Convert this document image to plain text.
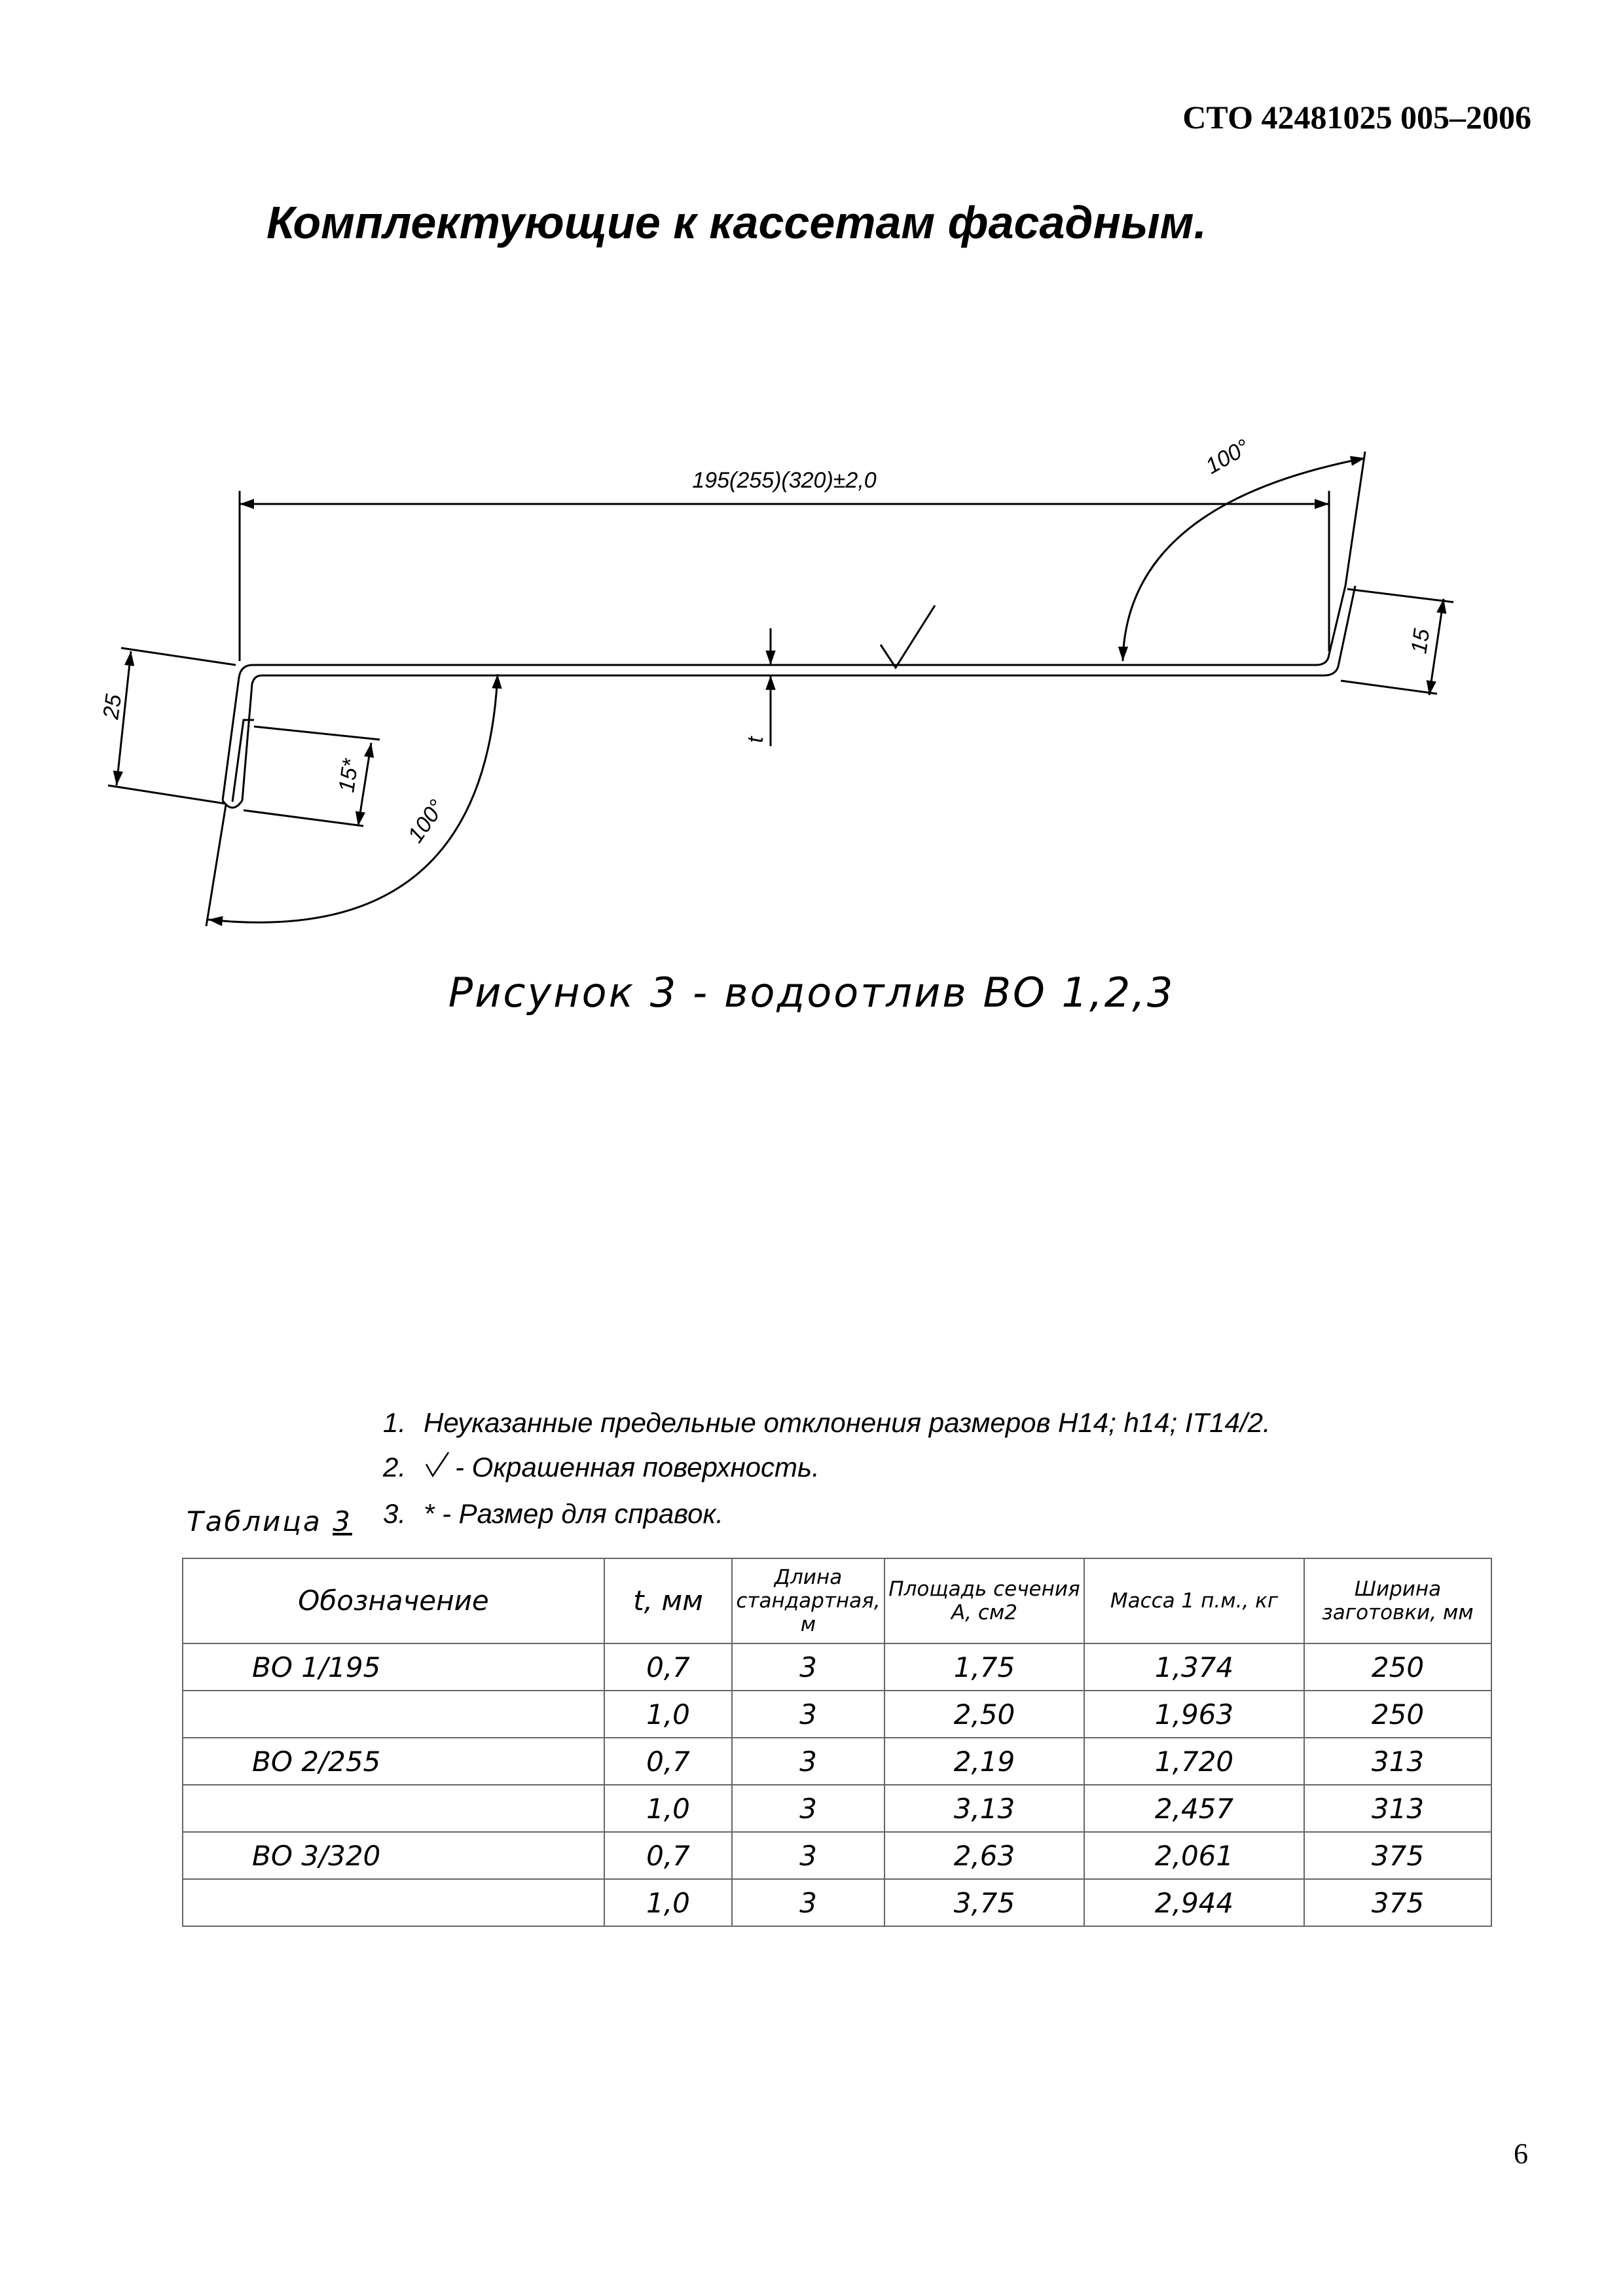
СТО 42481025 005–2006
Комплектующие к кассетам фасадным.
195(255)(320)±2,0
100°
15
25
15*
100°
t
Рисунок 3 - водоотлив ВО 1,2,3
1. Неуказанные предельные отклонения размеров H14; h14; IT14/2.
2. - Окрашенная поверхность.
3. * - Размер для справок.
Таблица 3
Обозначение	t, мм	Длина стандартная, м	Площадь сечения А, см2	Масса 1 п.м., кг	Ширина заготовки, мм
ВО 1/195	0,7	3	1,75	1,374	250
	1,0	3	2,50	1,963	250
ВО 2/255	0,7	3	2,19	1,720	313
	1,0	3	3,13	2,457	313
ВО 3/320	0,7	3	2,63	2,061	375
	1,0	3	3,75	2,944	375
6
